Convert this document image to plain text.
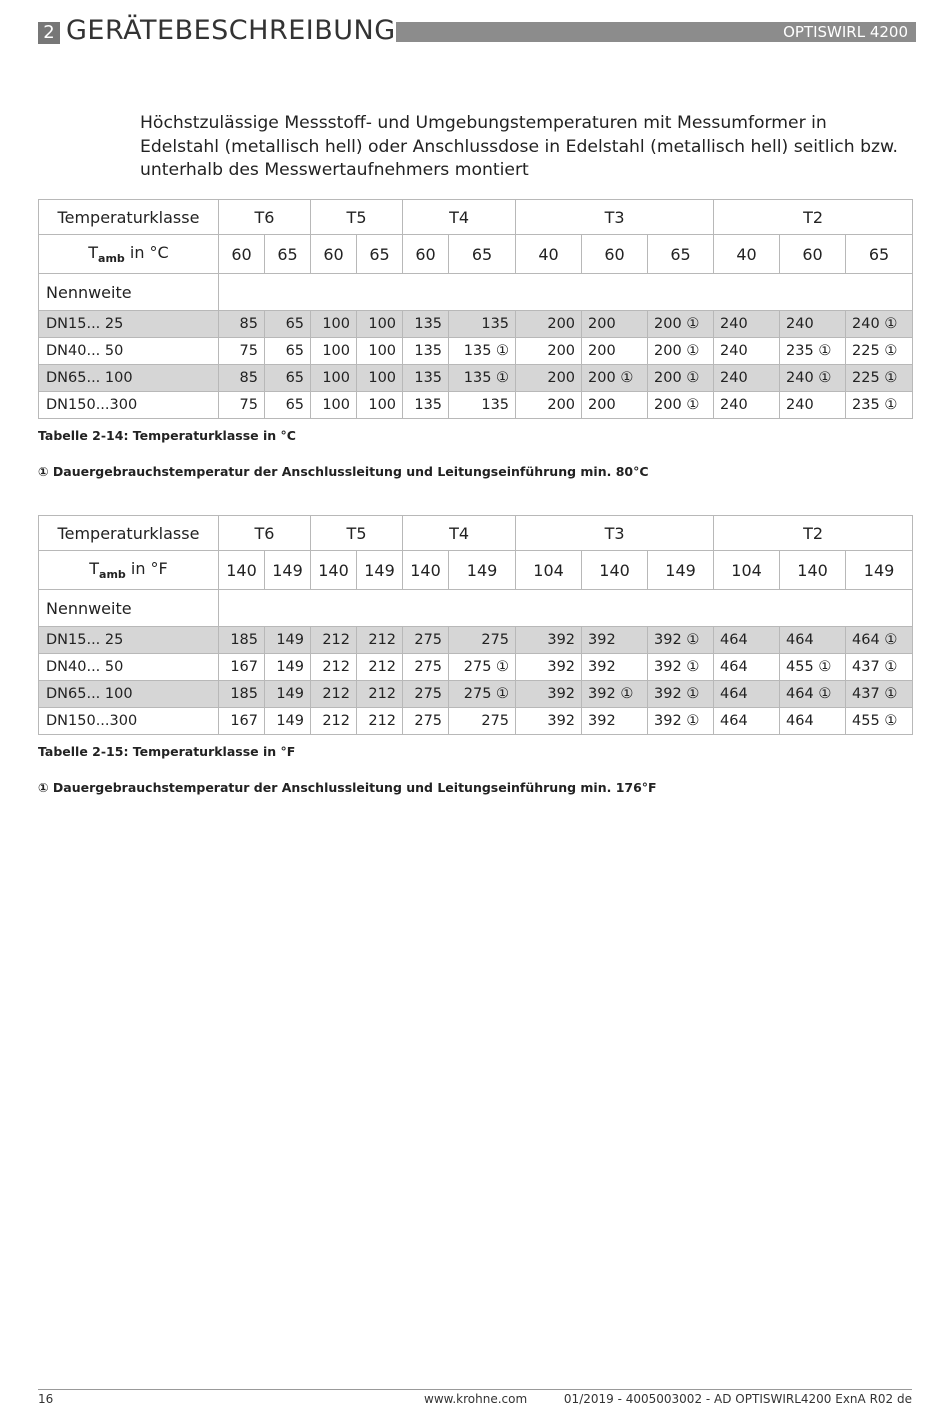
2 GERÄTEBESCHREIBUNG	OPTISWIRL 4200
Höchstzulässige Messstoff- und Umgebungstemperaturen mit Messumformer in Edelstahl (metallisch hell) oder Anschlussdose in Edelstahl (metallisch hell) seitlich bzw. unterhalb des Messwertaufnehmers montiert
Temperaturklasse	T6		T5		T4		T3			T2		
$T_{amb}$ in °C	60	65	60	65	60	65	40	60	65	40	60	65
Nennweite												
DN15... 25	85	65	100	100	135	135	200	200	200 ①	240	240	240 ①
DN40... 50	75	65	100	100	135	135 ①	200	200	200 ①	240	235 ①	225 ①
DN65... 100	85	65	100	100	135	135 ①	200	200 ①	200 ①	240	240 ①	225 ①
DN150...300	75	65	100	100	135	135	200	200	200 ①	240	240	235 ①
Tabelle 2-14: Temperaturklasse in °C
① Dauergebrauchstemperatur der Anschlussleitung und Leitungseinführung min. 80°C
Temperaturklasse	T6		T5		T4		T3			T2		
$T_{amb}$ in °F	140	149	140	149	140	149	104	140	149	104	140	149
Nennweite												
DN15... 25	185	149	212	212	275	275	392	392	392 ①	464	464	464 ①
DN40... 50	167	149	212	212	275	275 ①	392	392	392 ①	464	455 ①	437 ①
DN65... 100	185	149	212	212	275	275 ①	392	392 ①	392 ①	464	464 ①	437 ①
DN150...300	167	149	212	212	275	275	392	392	392 ①	464	464	455 ①
Tabelle 2-15: Temperaturklasse in °F
① Dauergebrauchstemperatur der Anschlussleitung und Leitungseinführung min. 176°F
16	www.krohne.com	01/2019 - 4005003002 - AD OPTISWIRL4200 ExnA R02 de
